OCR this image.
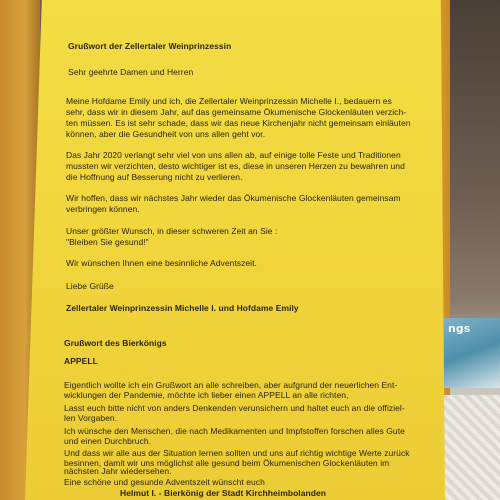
ngs
Grußwort der Zellertaler Weinprinzessin
Sehr geehrte Damen und Herren
Meine Hofdame Emily und ich, die Zellertaler Weinprinzessin Michelle I., bedauern es
sehr, dass wir in diesem Jahr, auf das gemeinsame Ökumenische Glockenläuten verzich-
ten müssen. Es ist sehr schade, dass wir das neue Kirchenjahr nicht gemeinsam einläuten
können, aber die Gesundheit von uns allen geht vor.
Das Jahr 2020 verlangt sehr viel von uns allen ab, auf einige tolle Feste und Traditionen
mussten wir verzichten, desto wichtiger ist es, diese in unseren Herzen zu bewahren und
die Hoffnung auf Besserung nicht zu verlieren.
Wir hoffen, dass wir nächstes Jahr wieder das Ökumenische Glockenläuten gemeinsam
verbringen können.
Unser größter Wunsch, in dieser schweren Zeit an Sie :
"Bleiben Sie gesund!"
Wir wünschen Ihnen eine besinnliche Adventszeit.
Liebe Grüße
Zellertaler Weinprinzessin Michelle I. und Hofdame Emily
Grußwort des Bierkönigs
APPELL
Eigentlich wollte ich ein Grußwort an alle schreiben, aber aufgrund der neuerlichen Ent-
wicklungen der Pandemie, möchte ich lieber einen APPELL an alle richten,
Lasst euch bitte nicht von anders Denkenden verunsichern und haltet euch an die offiziel-
len Vorgaben.
Ich wünsche den Menschen, die nach Medikamenten und Impfstoffen forschen alles Gute
und einen Durchbruch.
Und dass wir alle aus der Situation lernen sollten und uns auf richtig wichtige Werte zurück
besinnen, damit wir uns möglichst alle gesund beim Ökumenischen Glockenläuten im
nächsten Jahr wiedersehen.
Eine schöne und gesunde Adventszeit wünscht euch
Helmut I. - Bierkönig der Stadt Kirchheimbolanden
